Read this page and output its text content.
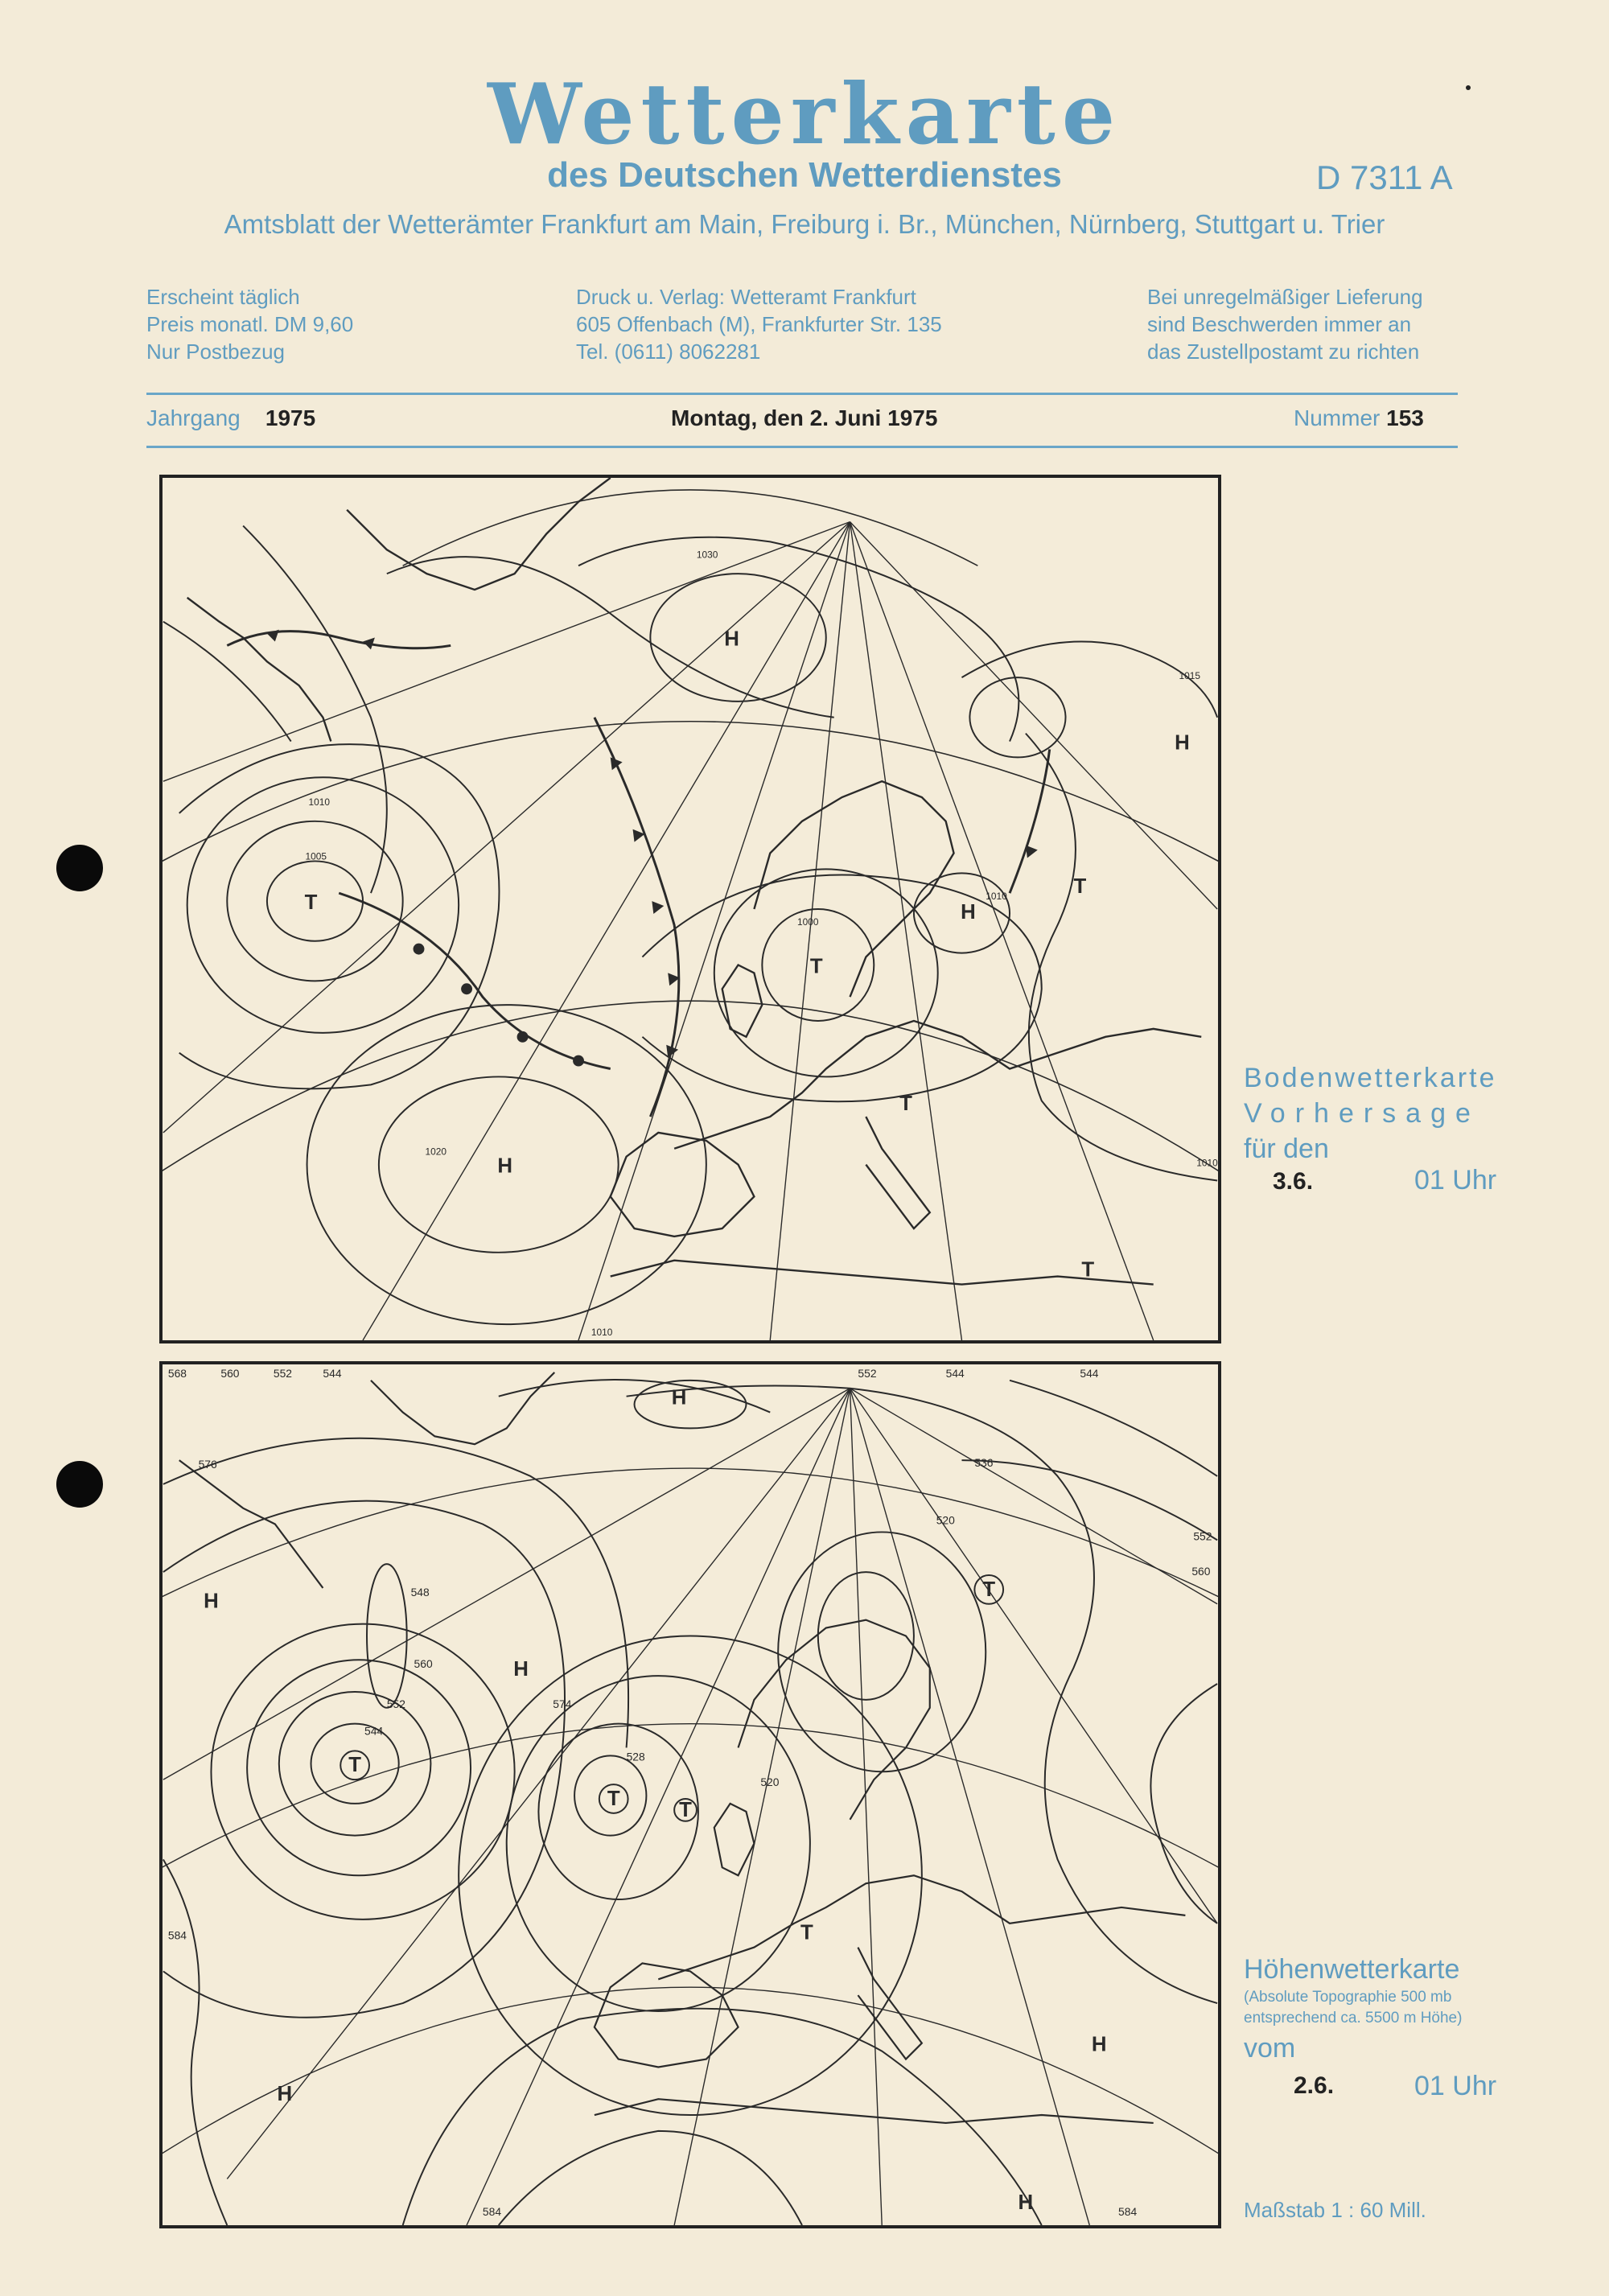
Wetterkarte
des Deutschen Wetterdienstes	D 7311 A
Amtsblatt der Wetterämter Frankfurt am Main, Freiburg i. Br., München, Nürnberg, Stuttgart u. Trier
Erscheint täglich
Preis monatl. DM 9,60
Nur Postbezug
Druck u. Verlag: Wetteramt Frankfurt
605 Offenbach (M), Frankfurter Str. 135
Tel. (0611) 8062281
Bei unregelmäßiger Lieferung
sind Beschwerden immer an
das Zustellpostamt zu richten
Jahrgang 1975	Montag, den 2. Juni 1975	Nummer 153
T
T
T
T
T
H
H
H
H
1010
1005
1020
1030
1015
1010
1000
1010
1010
Bodenwetterkarte
Vorhersage
für den
3.6.	01 Uhr
T
T	T
T
T
H
H
H
H
H
H
568	560	552	544	552	544	544
576
548
560
552
544
574
528
520
520
536
552
560
584
584	584
Höhenwetterkarte
(Absolute Topographie 500 mb
entsprechend ca. 5500 m Höhe)
vom
2.6.	01 Uhr
Maßstab 1 : 60 Mill.
